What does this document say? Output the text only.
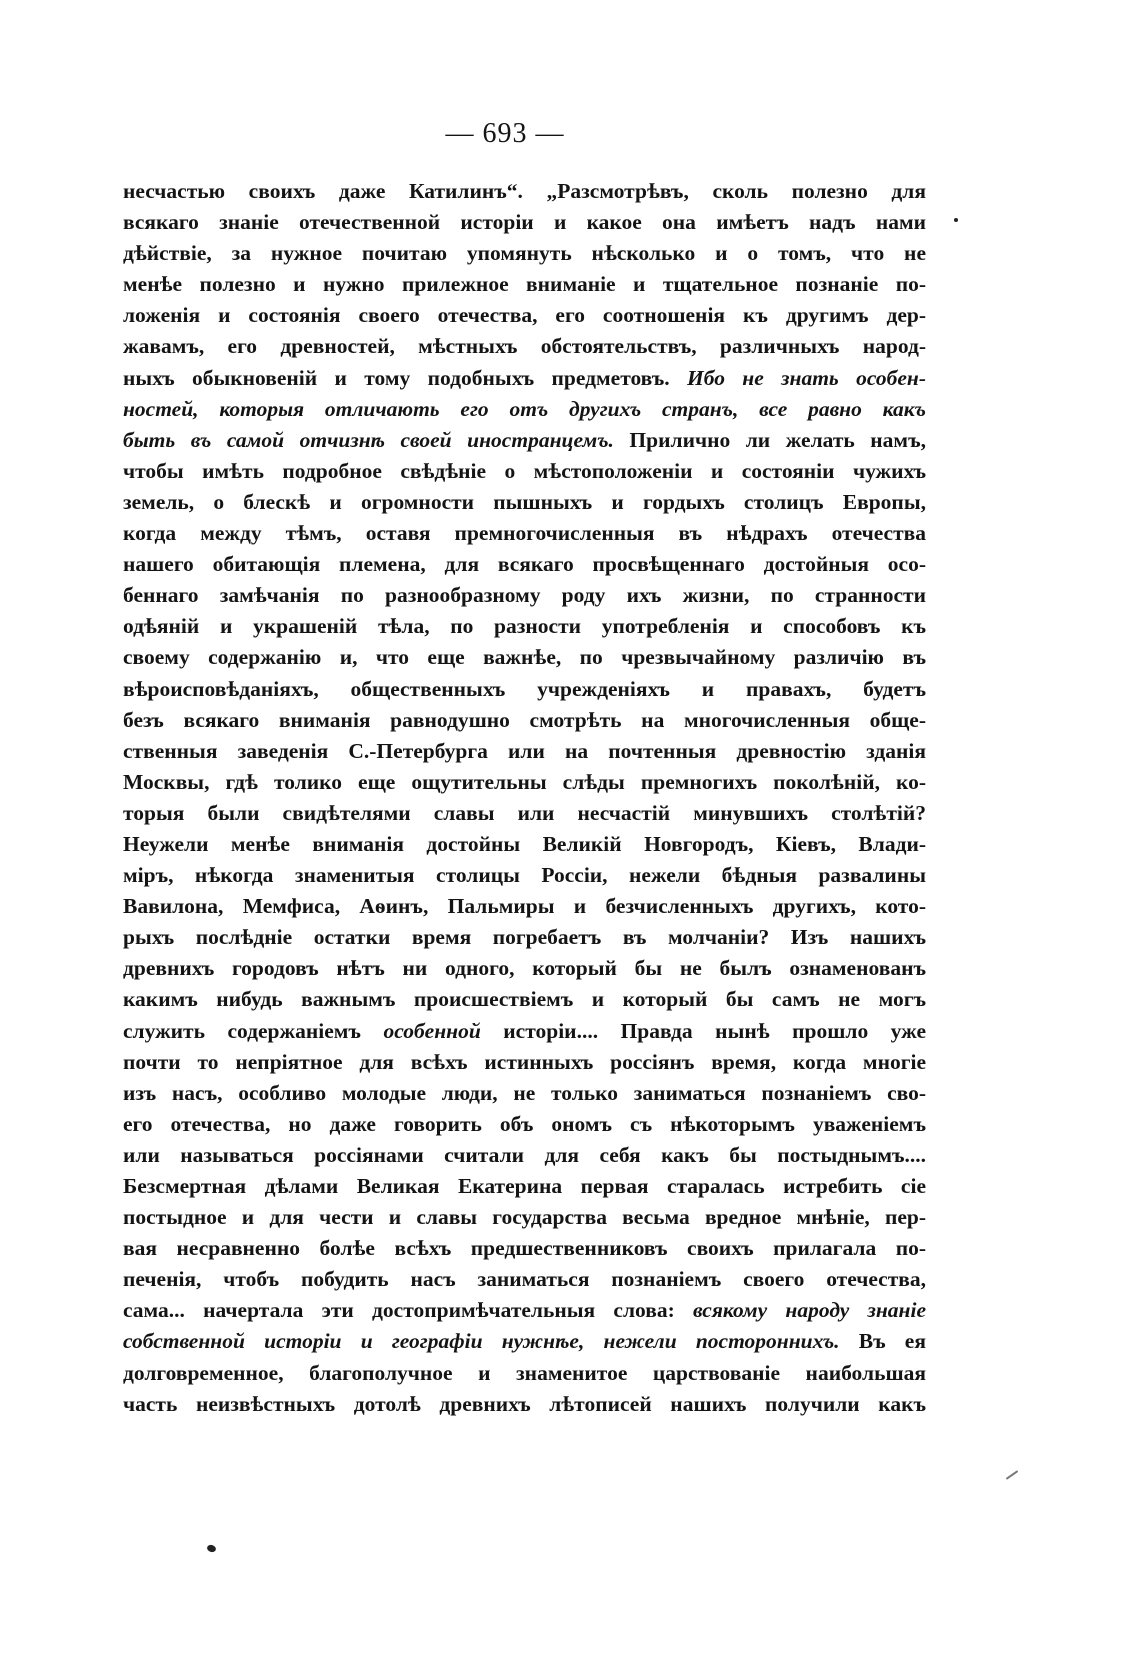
— 693 —
несчастью своихъ даже Катилинъ“. „Разсмотрѣвъ, сколь полезно для
всякаго знаніе отечественной исторіи и какое она имѣетъ надъ нами
дѣйствіе, за нужное почитаю упомянуть нѣсколько и о томъ, что не
менѣе полезно и нужно прилежное вниманіе и тщательное познаніе по-
ложенія и состоянія своего отечества, его соотношенія къ другимъ дер-
жавамъ, его древностей, мѣстныхъ обстоятельствъ, различныхъ народ-
ныхъ обыкновеній и тому подобныхъ предметовъ. Ибо не знать особен-
ностей, которыя отличають его отъ другихъ странъ, все равно какъ
быть въ самой отчизнѣ своей иностранцемъ. Прилично ли желать намъ,
чтобы имѣть подробное свѣдѣніе о мѣстоположеніи и состояніи чужихъ
земель, о блескѣ и огромности пышныхъ и гордыхъ столицъ Европы,
когда между тѣмъ, оставя премногочисленныя въ нѣдрахъ отечества
нашего обитающія племена, для всякаго просвѣщеннаго достойныя осо-
беннаго замѣчанія по разнообразному роду ихъ жизни, по странности
одѣяній и украшеній тѣла, по разности употребленія и способовъ къ
своему содержанію и, что еще важнѣе, по чрезвычайному различію въ
вѣроисповѣданіяхъ, общественныхъ учрежденіяхъ и правахъ, будетъ
безъ всякаго вниманія равнодушно смотрѣть на многочисленныя обще-
ственныя заведенія С.-Петербурга или на почтенныя древностію зданія
Москвы, гдѣ толико еще ощутительны слѣды премногихъ поколѣній, ко-
торыя были свидѣтелями славы или несчастій минувшихъ столѣтій?
Неужели менѣе вниманія достойны Великій Новгородъ, Кіевъ, Влади-
міръ, нѣкогда знаменитыя столицы Россіи, нежели бѣдныя развалины
Вавилона, Мемфиса, Аѳинъ, Пальмиры и безчисленныхъ другихъ, кото-
рыхъ послѣдніе остатки время погребаетъ въ молчаніи? Изъ нашихъ
древнихъ городовъ нѣтъ ни одного, который бы не былъ ознаменованъ
какимъ нибудь важнымъ происшествіемъ и который бы самъ не могъ
служить содержаніемъ особенной исторіи.... Правда нынѣ прошло уже
почти то непріятное для всѣхъ истинныхъ россіянъ время, когда многіе
изъ насъ, особливо молодые люди, не только заниматься познаніемъ сво-
его отечества, но даже говорить объ ономъ съ нѣкоторымъ уваженіемъ
или называться россіянами считали для себя какъ бы постыднымъ....
Безсмертная дѣлами Великая Екатерина первая старалась истребить сіе
постыдное и для чести и славы государства весьма вредное мнѣніе, пер-
вая несравненно болѣе всѣхъ предшественниковъ своихъ прилагала по-
печенія, чтобъ побудить насъ заниматься познаніемъ своего отечества,
сама... начертала эти достопримѣчательныя слова: всякому народу знаніе
собственной исторіи и географіи нужнѣе, нежели постороннихъ. Въ ея
долговременное, благополучное и знаменитое царствованіе наибольшая
часть неизвѣстныхъ дотолѣ древнихъ лѣтописей нашихъ получили какъ
